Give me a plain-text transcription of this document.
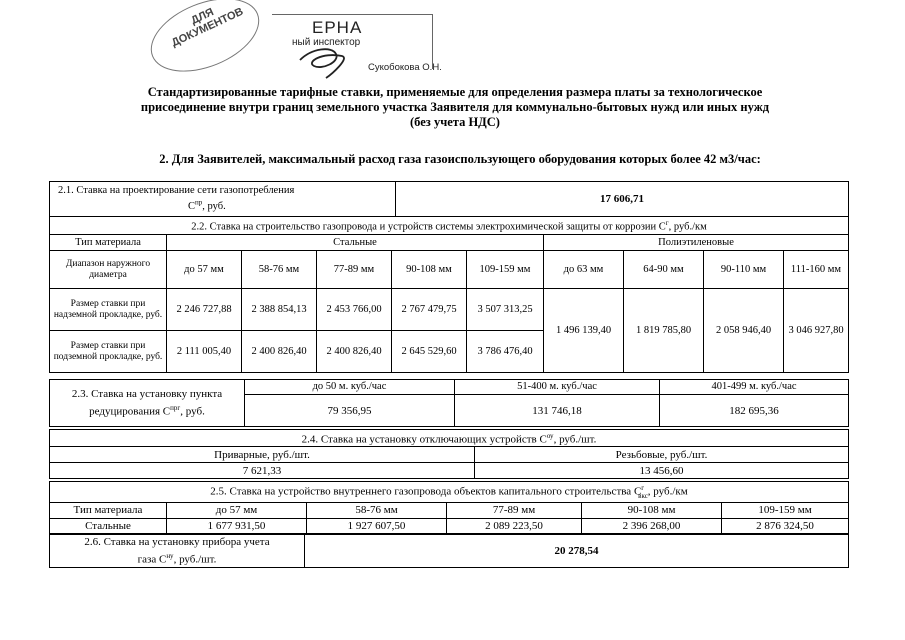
ДЛЯ ДОКУМЕНТОВ	ЕРНА
ный инспектор
Сукобокова О.Н.
Стандартизированные тарифные ставки, применяемые для определения размера платы за технологическое
присоединение внутри границ земельного участка Заявителя для коммунально-бытовых нужд или иных нужд
(без учета НДС)
2. Для Заявителей, максимальный расход газа газоиспользующего оборудования которых более 42 м3/час:
2.1. Ставка на проектирование сети газопотребления
$С^{пр}$, руб.	17 606,71
2.2. Ставка на строительство газопровода и устройств системы электрохимической защиты от коррозии $С^г$, руб./км									
Тип материала	Стальные					Полиэтиленовые			
Диапазон наружного диаметра	до 57 мм	58-76 мм	77-89 мм	90-108 мм	109-159 мм	до 63 мм	64-90 мм	90-110 мм	111-160 мм
Размер ставки при надземной прокладке, руб.	2 246 727,88	2 388 854,13	2 453 766,00	2 767 479,75	3 507 313,25	1 496 139,40	1 819 785,80	2 058 946,40	3 046 927,80
Размер ставки при подземной прокладке, руб.	2 111 005,40	2 400 826,40	2 400 826,40	2 645 529,60	3 786 476,40				
2.3. Ставка на установку пункта редуцирования $С^{прг}$, руб.	до 50 м. куб./час	51-400 м. куб./час	401-499 м. куб./час
	79 356,95	131 746,18	182 695,36
2.4. Ставка на установку отключающих устройств $С^{оу}$, руб./шт.	
Приварные, руб./шт.	Резьбовые, руб./шт.
7 621,33	13 456,60
2.5. Ставка на устройство внутреннего газопровода объектов капитального строительства $С^г_{вкс}$, руб./км					
Тип материала	до 57 мм	58-76 мм	77-89 мм	90-108 мм	109-159 мм
Стальные	1 677 931,50	1 927 607,50	2 089 223,50	2 396 268,00	2 876 324,50
2.6. Ставка на установку прибора учета
газа $С^{ну}$, руб./шт.	20 278,54
